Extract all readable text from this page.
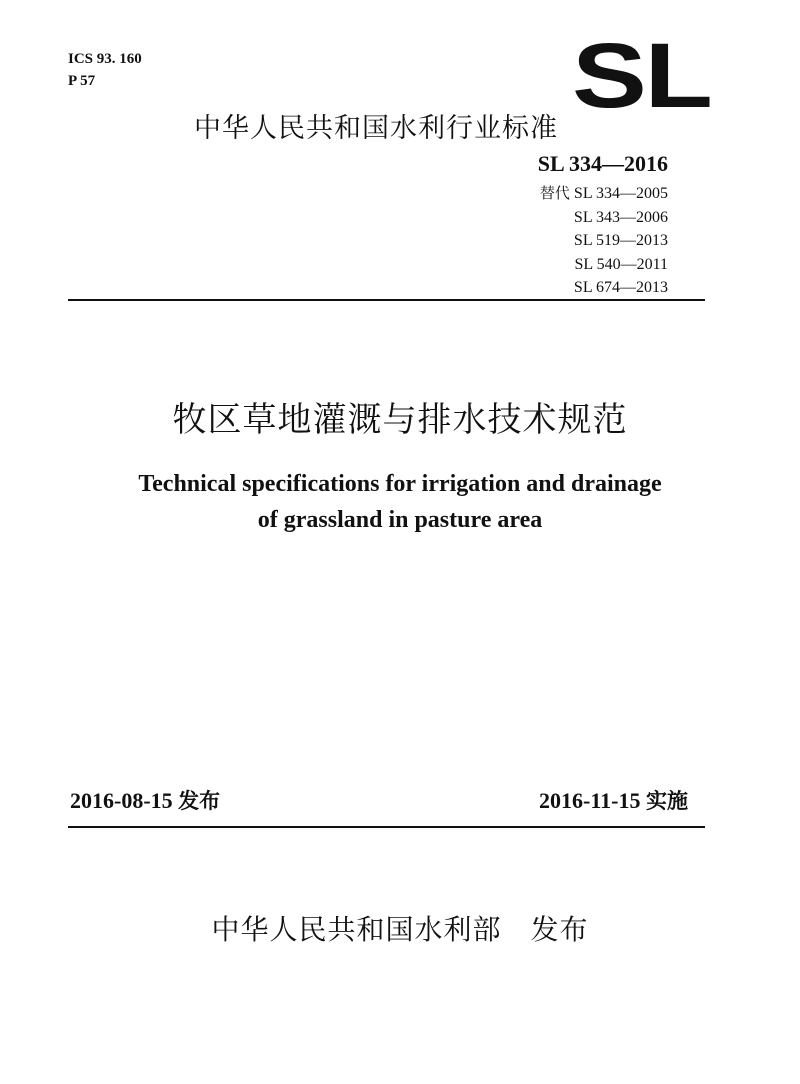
ICS 93. 160
P 57	SL
中华人民共和国水利行业标准
SL 334—2016
替代 SL 334—2005
SL 343—2006
SL 519—2013
SL 540—2011
SL 674—2013
牧区草地灌溉与排水技术规范
Technical specifications for irrigation and drainage
of grassland in pasture area
2016-08-15 发布	2016-11-15 实施
中华人民共和国水利部　发布
